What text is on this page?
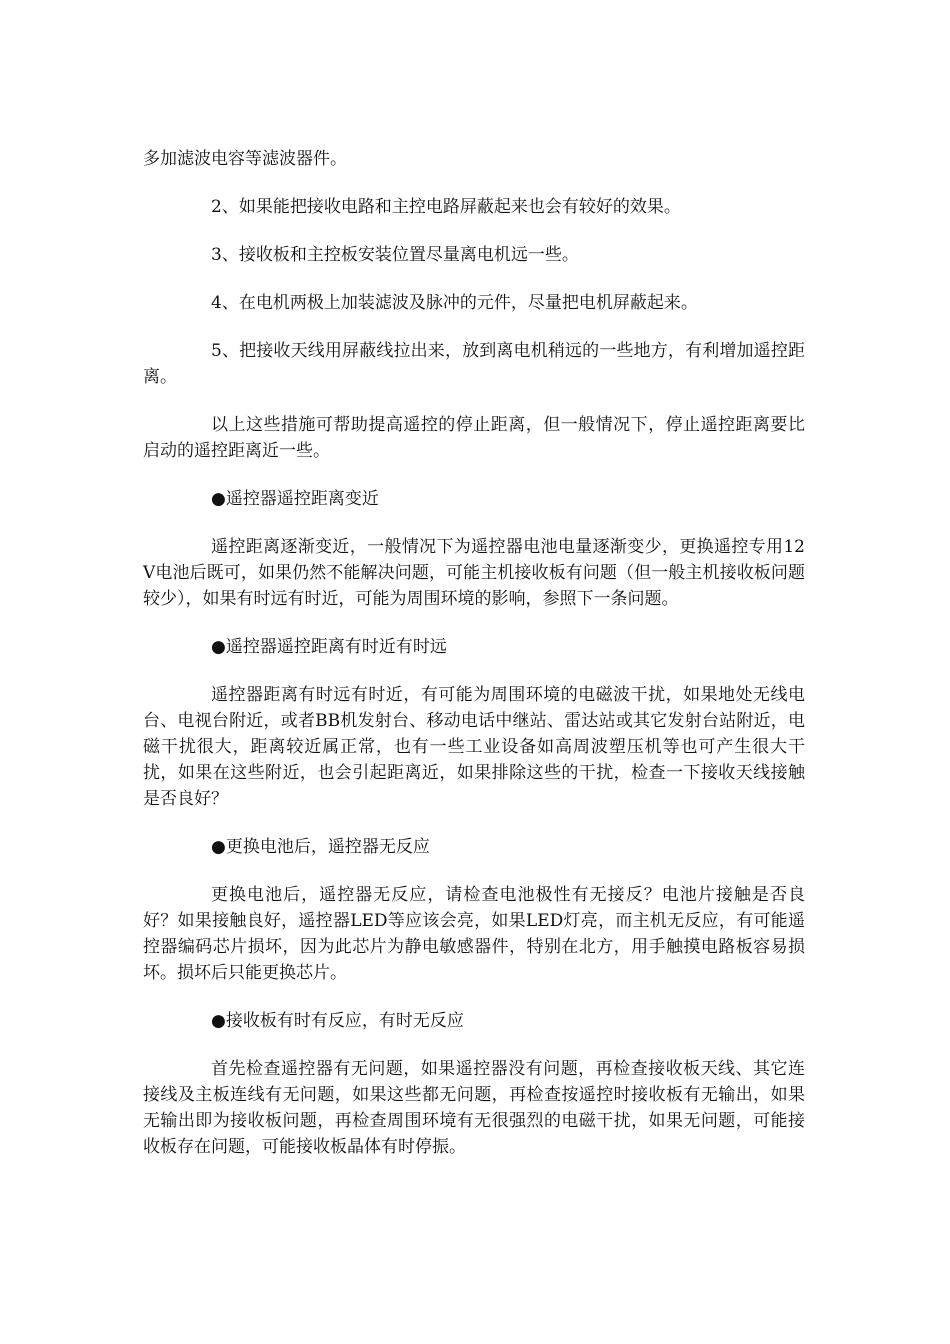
多加滤波电容等滤波器件。

2、如果能把接收电路和主控电路屏蔽起来也会有较好的效果。

3、接收板和主控板安装位置尽量离电机远一些。

4、在电机两极上加装滤波及脉冲的元件，尽量把电机屏蔽起来。

5、把接收天线用屏蔽线拉出来，放到离电机稍远的一些地方，有利增加遥控距离。

以上这些措施可帮助提高遥控的停止距离，但一般情况下，停止遥控距离要比启动的遥控距离近一些。

●遥控器遥控距离变近

遥控距离逐渐变近，一般情况下为遥控器电池电量逐渐变少，更换遥控专用12V电池后既可，如果仍然不能解决问题，可能主机接收板有问题（但一般主机接收板问题较少），如果有时远有时近，可能为周围环境的影响，参照下一条问题。

●遥控器遥控距离有时近有时远

遥控器距离有时远有时近，有可能为周围环境的电磁波干扰，如果地处无线电台、电视台附近，或者BB机发射台、移动电话中继站、雷达站或其它发射台站附近，电磁干扰很大，距离较近属正常，也有一些工业设备如高周波塑压机等也可产生很大干扰，如果在这些附近，也会引起距离近，如果排除这些的干扰，检查一下接收天线接触是否良好？

●更换电池后，遥控器无反应

更换电池后，遥控器无反应，请检查电池极性有无接反？电池片接触是否良好？如果接触良好，遥控器LED等应该会亮，如果LED灯亮，而主机无反应，有可能遥控器编码芯片损坏，因为此芯片为静电敏感器件，特别在北方，用手触摸电路板容易损坏。损坏后只能更换芯片。

●接收板有时有反应，有时无反应

首先检查遥控器有无问题，如果遥控器没有问题，再检查接收板天线、其它连接线及主板连线有无问题，如果这些都无问题，再检查按遥控时接收板有无输出，如果无输出即为接收板问题，再检查周围环境有无很强烈的电磁干扰，如果无问题，可能接收板存在问题，可能接收板晶体有时停振。
